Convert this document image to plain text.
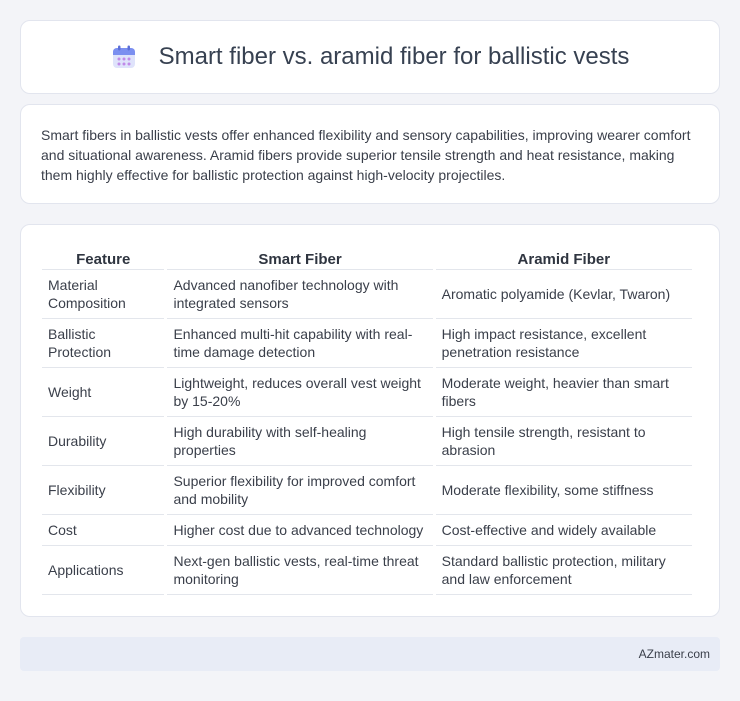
Smart fiber vs. aramid fiber for ballistic vests

Smart fibers in ballistic vests offer enhanced flexibility and sensory capabilities, improving wearer comfort and situational awareness. Aramid fibers provide superior tensile strength and heat resistance, making them highly effective for ballistic protection against high-velocity projectiles.

Feature	Smart Fiber	Aramid Fiber
Material Composition	Advanced nanofiber technology with integrated sensors	Aromatic polyamide (Kevlar, Twaron)
Ballistic Protection	Enhanced multi-hit capability with real-time damage detection	High impact resistance, excellent penetration resistance
Weight	Lightweight, reduces overall vest weight by 15-20%	Moderate weight, heavier than smart fibers
Durability	High durability with self-healing properties	High tensile strength, resistant to abrasion
Flexibility	Superior flexibility for improved comfort and mobility	Moderate flexibility, some stiffness
Cost	Higher cost due to advanced technology	Cost-effective and widely available
Applications	Next-gen ballistic vests, real-time threat monitoring	Standard ballistic protection, military and law enforcement
AZmater.com
